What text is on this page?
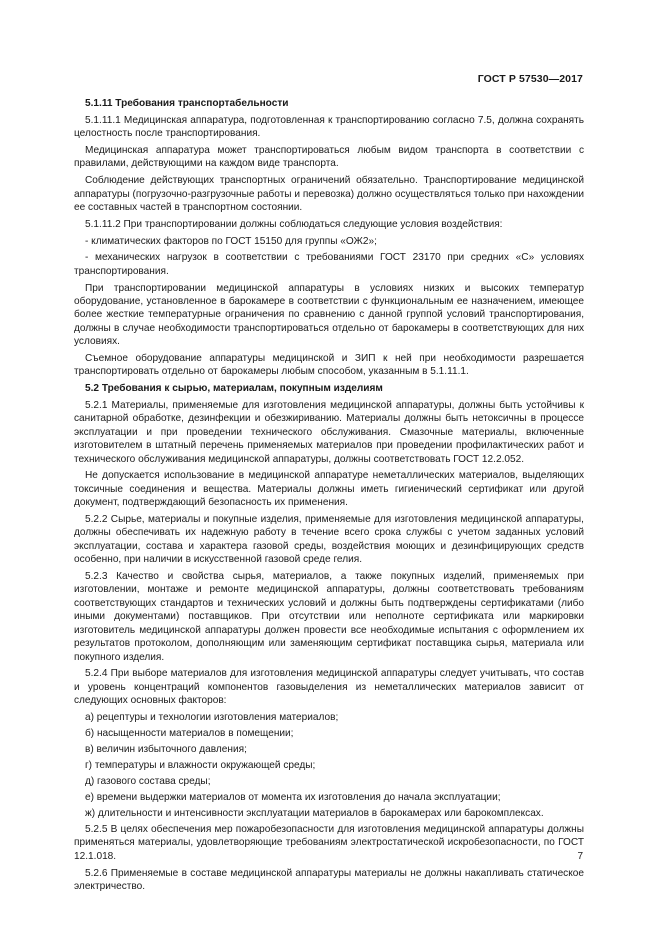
ГОСТ Р 57530—2017

5.1.11 Требования транспортабельности

5.1.11.1 Медицинская аппаратура, подготовленная к транспортированию согласно 7.5, должна сохранять целостность после транспортирования.

Медицинская аппаратура может транспортироваться любым видом транспорта в соответствии с правилами, действующими на каждом виде транспорта.

Соблюдение действующих транспортных ограничений обязательно. Транспортирование медицинской аппаратуры (погрузочно-разгрузочные работы и перевозка) должно осуществляться только при нахождении ее составных частей в транспортном состоянии.

5.1.11.2 При транспортировании должны соблюдаться следующие условия воздействия:

- климатических факторов по ГОСТ 15150 для группы «ОЖ2»;

- механических нагрузок в соответствии с требованиями ГОСТ 23170 при средних «С» условиях транспортирования.

При транспортировании медицинской аппаратуры в условиях низких и высоких температур оборудование, установленное в барокамере в соответствии с функциональным ее назначением, имеющее более жесткие температурные ограничения по сравнению с данной группой условий транспортирования, должны в случае необходимости транспортироваться отдельно от барокамеры в соответствующих для них условиях.

Съемное оборудование аппаратуры медицинской и ЗИП к ней при необходимости разрешается транспортировать отдельно от барокамеры любым способом, указанным в 5.1.11.1.

5.2 Требования к сырью, материалам, покупным изделиям

5.2.1 Материалы, применяемые для изготовления медицинской аппаратуры, должны быть устойчивы к санитарной обработке, дезинфекции и обезжириванию. Материалы должны быть нетоксичны в процессе эксплуатации и при проведении технического обслуживания. Смазочные материалы, включенные изготовителем в штатный перечень применяемых материалов при проведении профилактических работ и технического обслуживания медицинской аппаратуры, должны соответствовать ГОСТ 12.2.052.

Не допускается использование в медицинской аппаратуре неметаллических материалов, выделяющих токсичные соединения и вещества. Материалы должны иметь гигиенический сертификат или другой документ, подтверждающий безопасность их применения.

5.2.2 Сырье, материалы и покупные изделия, применяемые для изготовления медицинской аппаратуры, должны обеспечивать их надежную работу в течение всего срока службы с учетом заданных условий эксплуатации, состава и характера газовой среды, воздействия моющих и дезинфицирующих средств особенно, при наличии в искусственной газовой среде гелия.

5.2.3 Качество и свойства сырья, материалов, а также покупных изделий, применяемых при изготовлении, монтаже и ремонте медицинской аппаратуры, должны соответствовать требованиям соответствующих стандартов и технических условий и должны быть подтверждены сертификатами (либо иными документами) поставщиков. При отсутствии или неполноте сертификата или маркировки изготовитель медицинской аппаратуры должен провести все необходимые испытания с оформлением их результатов протоколом, дополняющим или заменяющим сертификат поставщика сырья, материала или покупного изделия.

5.2.4 При выборе материалов для изготовления медицинской аппаратуры следует учитывать, что состав и уровень концентраций компонентов газовыделения из неметаллических материалов зависит от следующих основных факторов:

а) рецептуры и технологии изготовления материалов;

б) насыщенности материалов в помещении;

в) величин избыточного давления;

г) температуры и влажности окружающей среды;

д) газового состава среды;

е) времени выдержки материалов от момента их изготовления до начала эксплуатации;

ж) длительности и интенсивности эксплуатации материалов в барокамерах или барокомплексах.

5.2.5 В целях обеспечения мер пожаробезопасности для изготовления медицинской аппаратуры должны применяться материалы, удовлетворяющие требованиям электростатической искробезопасности, по ГОСТ 12.1.018.

5.2.6 Применяемые в составе медицинской аппаратуры материалы не должны накапливать статическое электричество.

7
